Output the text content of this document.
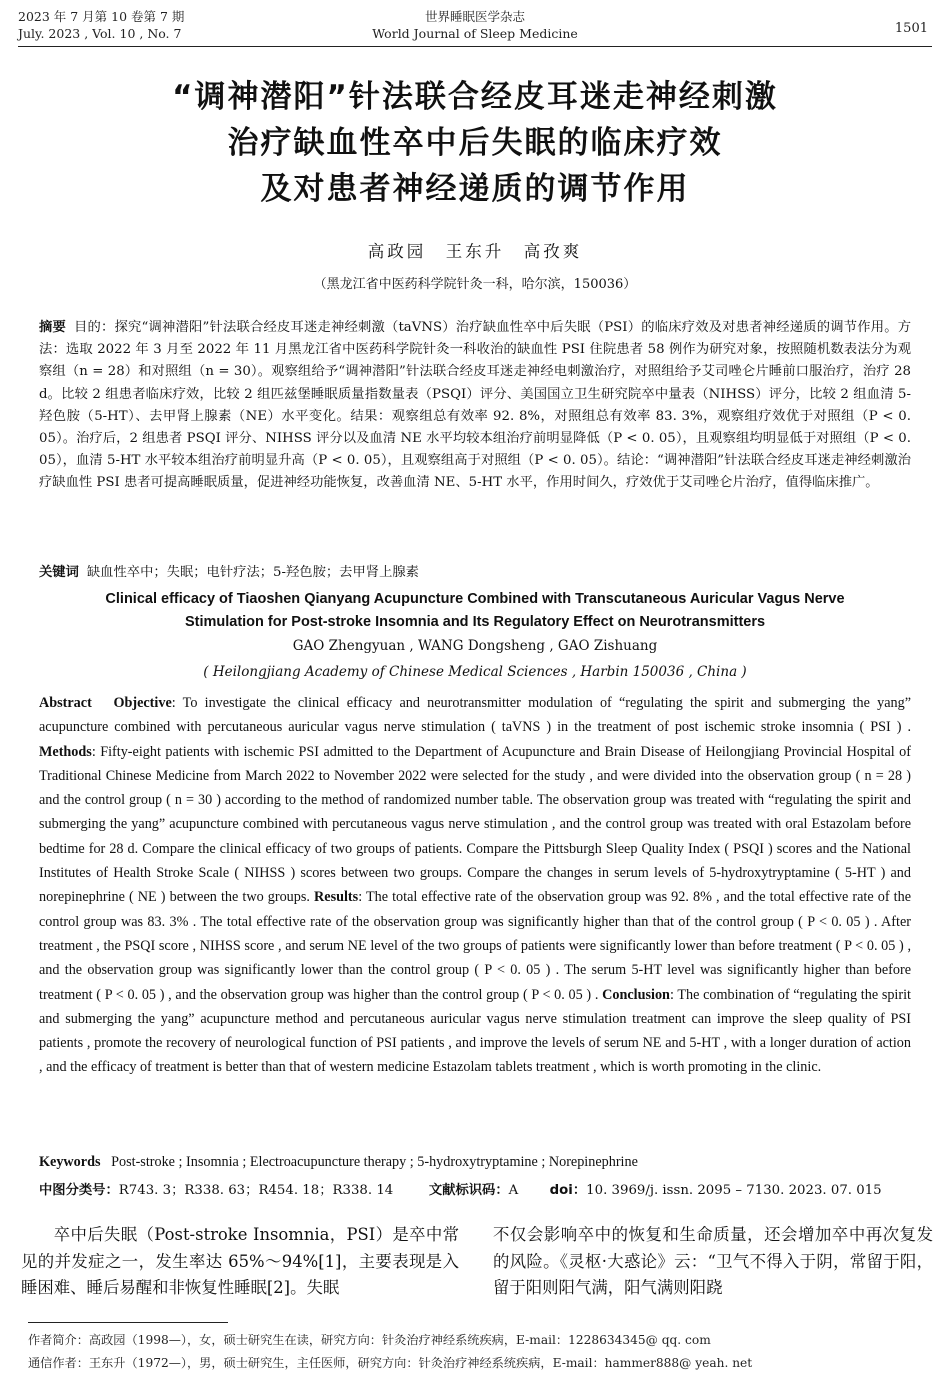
2023 年 7 月第 10 卷第 7 期
July. 2023 , Vol. 10 , No. 7
世界睡眠医学杂志
World Journal of Sleep Medicine	1501
“调神潜阳”针法联合经皮耳迷走神经刺激
治疗缺血性卒中后失眠的临床疗效
及对患者神经递质的调节作用
高政园　王东升　高孜爽
（黑龙江省中医药科学院针灸一科，哈尔滨，150036）
摘要 目的：探究“调神潜阳”针法联合经皮耳迷走神经刺激（taVNS）治疗缺血性卒中后失眠（PSI）的临床疗效及对患者神经递质的调节作用。方法：选取 2022 年 3 月至 2022 年 11 月黑龙江省中医药科学院针灸一科收治的缺血性 PSI 住院患者 58 例作为研究对象，按照随机数表法分为观察组（n = 28）和对照组（n = 30）。观察组给予“调神潜阳”针法联合经皮耳迷走神经电刺激治疗，对照组给予艾司唑仑片睡前口服治疗，治疗 28 d。比较 2 组患者临床疗效，比较 2 组匹兹堡睡眠质量指数量表（PSQI）评分、美国国立卫生研究院卒中量表（NIHSS）评分，比较 2 组血清 5-羟色胺（5-HT）、去甲肾上腺素（NE）水平变化。结果：观察组总有效率 92. 8%，对照组总有效率 83. 3%，观察组疗效优于对照组（P < 0. 05）。治疗后，2 组患者 PSQI 评分、NIHSS 评分以及血清 NE 水平均较本组治疗前明显降低（P < 0. 05），且观察组均明显低于对照组（P < 0. 05），血清 5-HT 水平较本组治疗前明显升高（P < 0. 05），且观察组高于对照组（P < 0. 05）。结论：“调神潜阳”针法联合经皮耳迷走神经刺激治疗缺血性 PSI 患者可提高睡眠质量，促进神经功能恢复，改善血清 NE、5-HT 水平，作用时间久，疗效优于艾司唑仑片治疗，值得临床推广。
关键词 缺血性卒中；失眠；电针疗法；5-羟色胺；去甲肾上腺素
Clinical efficacy of Tiaoshen Qianyang Acupuncture Combined with Transcutaneous Auricular Vagus Nerve
Stimulation for Post-stroke Insomnia and Its Regulatory Effect on Neurotransmitters
GAO Zhengyuan , WANG Dongsheng , GAO Zishuang
( Heilongjiang Academy of Chinese Medical Sciences , Harbin 150036 , China )
Abstract Objective: To investigate the clinical efficacy and neurotransmitter modulation of “regulating the spirit and submerging the yang” acupuncture combined with percutaneous auricular vagus nerve stimulation ( taVNS ) in the treatment of post ischemic stroke insomnia ( PSI ) . Methods: Fifty-eight patients with ischemic PSI admitted to the Department of Acupuncture and Brain Disease of Heilongjiang Provincial Hospital of Traditional Chinese Medicine from March 2022 to November 2022 were selected for the study , and were divided into the observation group ( n = 28 ) and the control group ( n = 30 ) according to the method of randomized number table. The observation group was treated with “regulating the spirit and submerging the yang” acupuncture combined with percutaneous vagus nerve stimulation , and the control group was treated with oral Estazolam before bedtime for 28 d. Compare the clinical efficacy of two groups of patients. Compare the Pittsburgh Sleep Quality Index ( PSQI ) scores and the National Institutes of Health Stroke Scale ( NIHSS ) scores between two groups. Compare the changes in serum levels of 5-hydroxytryptamine ( 5-HT ) and norepinephrine ( NE ) between the two groups. Results: The total effective rate of the observation group was 92. 8% , and the total effective rate of the control group was 83. 3% . The total effective rate of the observation group was significantly higher than that of the control group ( P < 0. 05 ) . After treatment , the PSQI score , NIHSS score , and serum NE level of the two groups of patients were significantly lower than before treatment ( P < 0. 05 ) , and the observation group was significantly lower than the control group ( P < 0. 05 ) . The serum 5-HT level was significantly higher than before treatment ( P < 0. 05 ) , and the observation group was higher than the control group ( P < 0. 05 ) . Conclusion: The combination of “regulating the spirit and submerging the yang” acupuncture method and percutaneous auricular vagus nerve stimulation treatment can improve the sleep quality of PSI patients , promote the recovery of neurological function of PSI patients , and improve the levels of serum NE and 5-HT , with a longer duration of action , and the efficacy of treatment is better than that of western medicine Estazolam tablets treatment , which is worth promoting in the clinic.
Keywords Post-stroke ; Insomnia ; Electroacupuncture therapy ; 5-hydroxytryptamine ; Norepinephrine
中图分类号：R743. 3；R338. 63；R454. 18；R338. 14	文献标识码：A doi：10. 3969/j. issn. 2095 – 7130. 2023. 07. 015
卒中后失眠（Post-stroke Insomnia，PSI）是卒中常见的并发症之一，发生率达 65%～94%[1]，主要表现是入睡困难、睡后易醒和非恢复性睡眠[2]。失眠
不仅会影响卒中的恢复和生命质量，还会增加卒中再次复发的风险。《灵枢·大惑论》云：“卫气不得入于阴，常留于阳，留于阳则阳气满，阳气满则阳跷
作者简介：高政园（1998—），女，硕士研究生在读，研究方向：针灸治疗神经系统疾病，E-mail：1228634345@ qq. com
通信作者：王东升（1972—），男，硕士研究生，主任医师，研究方向：针灸治疗神经系统疾病，E-mail：hammer888@ yeah. net
